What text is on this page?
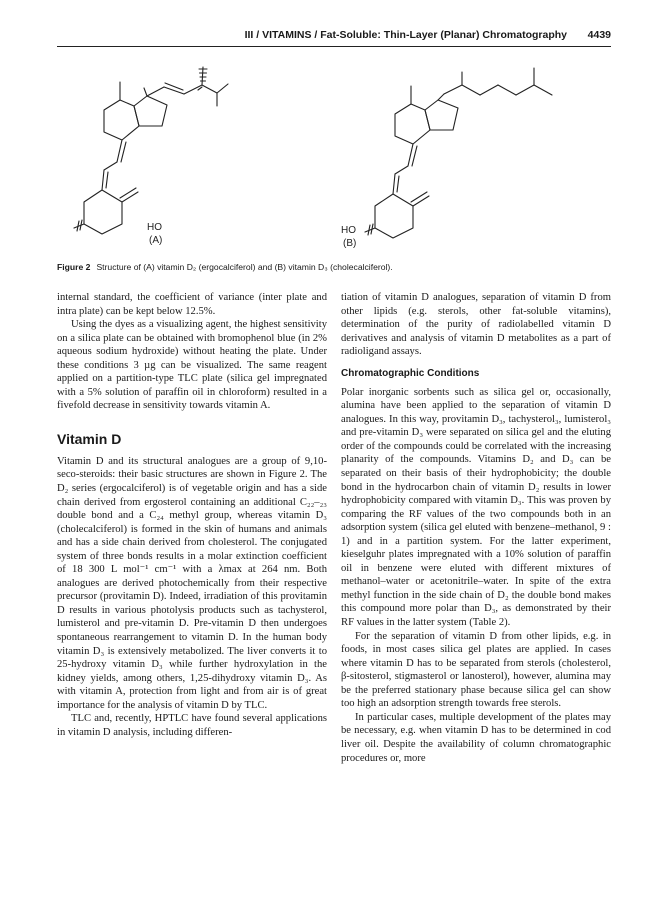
III / VITAMINS / Fat-Soluble: Thin-Layer (Planar) Chromatography 4439
HO
(A)
HO
(B)
Figure 2 Structure of (A) vitamin D₂ (ergocalciferol) and (B) vitamin D₃ (cholecalciferol).

internal standard, the coefficient of variance (inter plate and intra plate) can be kept below 12.5%.

Using the dyes as a visualizing agent, the highest sensitivity on a silica plate can be obtained with bromophenol blue (in 2% aqueous sodium hydroxide) without heating the plate. Under these conditions 3 µg can be visualized. The same reagent applied on a partition-type TLC plate (silica gel impregnated with a 5% solution of paraffin oil in chloroform) resulted in a fivefold decrease in sensitivity towards vitamin A.

Vitamin D

Vitamin D and its structural analogues are a group of 9,10-seco-steroids: their basic structures are shown in Figure 2. The D₂ series (ergocalciferol) is of vegetable origin and has a side chain derived from ergosterol containing an additional C₂₂–₂₃ double bond and a C₂₄ methyl group, whereas vitamin D₃ (cholecalciferol) is formed in the skin of humans and animals and has a side chain derived from cholesterol. The conjugated system of three bonds results in a molar extinction coefficient of 18 300 L mol⁻¹ cm⁻¹ with a λmax at 264 nm. Both analogues are derived photochemically from their respective precursor (provitamin D). Indeed, irradiation of this provitamin D results in various photolysis products such as tachysterol, lumisterol and pre-vitamin D. Pre-vitamin D then undergoes spontaneous rearrangement to vitamin D. In the human body vitamin D₃ is extensively metabolized. The liver converts it to 25-hydroxy vitamin D₃ while further hydroxylation in the kidney yields, among others, 1,25-dihydroxy vitamin D₃. As with vitamin A, protection from light and from air is of great importance for the analysis of vitamin D by TLC.

TLC and, recently, HPTLC have found several applications in vitamin D analysis, including differen-

tiation of vitamin D analogues, separation of vitamin D from other lipids (e.g. sterols, other fat-soluble vitamins), determination of the purity of radiolabelled vitamin D derivatives and analysis of vitamin D metabolites as a part of radioligand assays.

Chromatographic Conditions

Polar inorganic sorbents such as silica gel or, occasionally, alumina have been applied to the separation of vitamin D analogues. In this way, provitamin D₃, tachysterol₃, lumisterol₃ and pre-vitamin D₃ were separated on silica gel and the eluting order of the compounds could be correlated with the increasing planarity of the compounds. Vitamins D₂ and D₃ can be separated on their basis of their hydrophobicity; the double bond in the hydrocarbon chain of vitamin D₂ results in lower hydrophobicity compared with vitamin D₃. This was proven by comparing the RF values of the two compounds both in an adsorption system (silica gel eluted with benzene–methanol, 9 : 1) and in a partition system. For the latter experiment, kieselguhr plates impregnated with a 10% solution of paraffin oil in benzene were eluted with different mixtures of methanol–water or acetonitrile–water. In spite of the extra methyl function in the side chain of D₂ the double bond makes this compound more polar than D₃, as demonstrated by their RF values in the latter system (Table 2).

For the separation of vitamin D from other lipids, e.g. in foods, in most cases silica gel plates are applied. In cases where vitamin D has to be separated from sterols (cholesterol, β-sitosterol, stigmasterol or lanosterol), however, alumina may be the preferred stationary phase because silica gel can show too high an adsorption strength towards free sterols.

In particular cases, multiple development of the plates may be necessary, e.g. when vitamin D has to be determined in cod liver oil. Despite the availability of column chromatographic procedures or, more
